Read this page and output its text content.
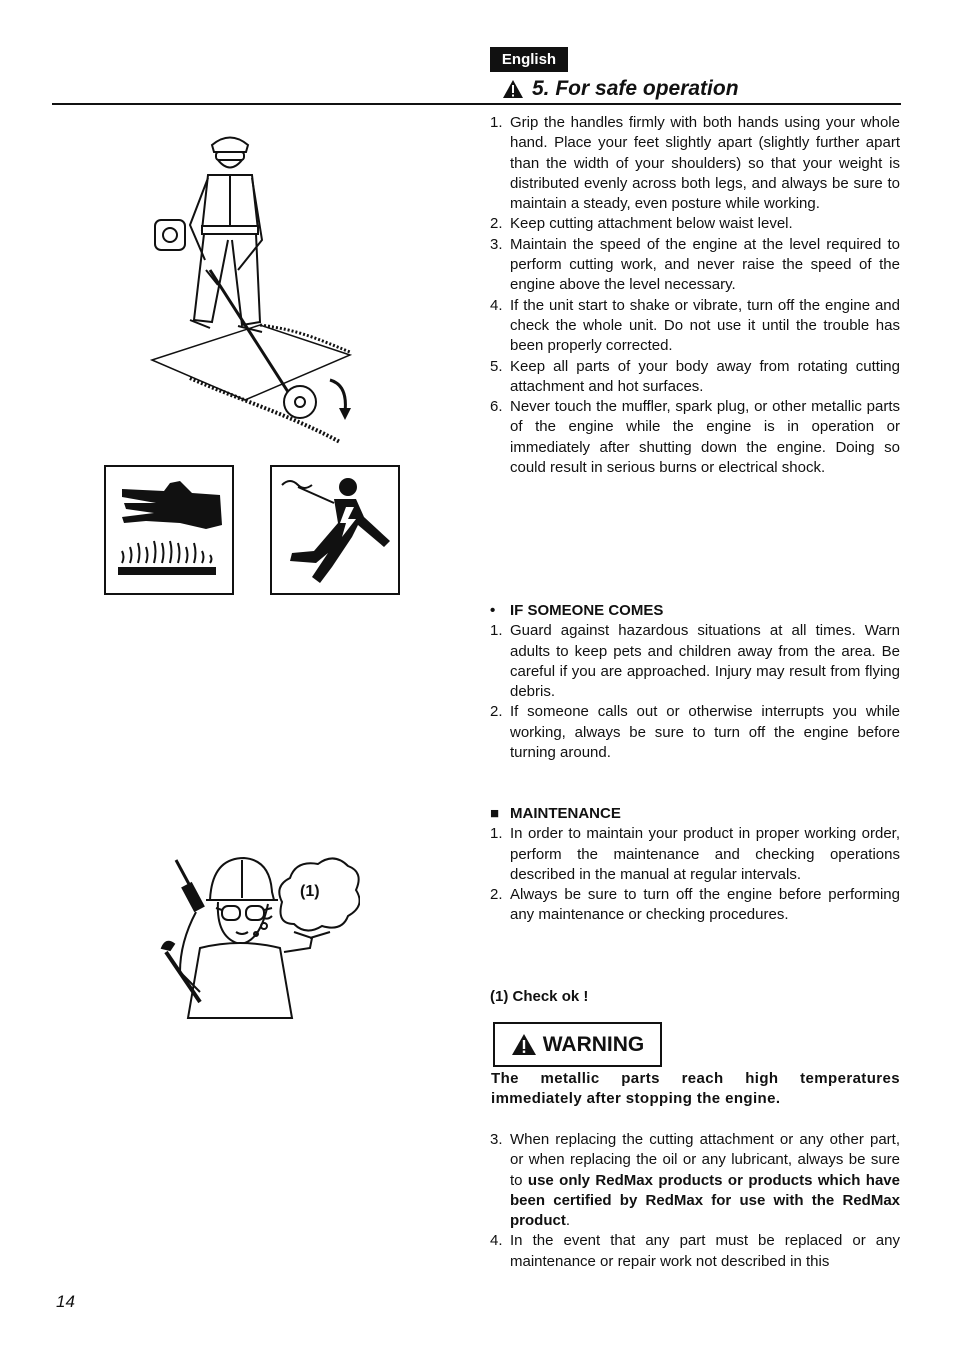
English
5. For safe operation
1. Grip the handles firmly with both hands using your whole hand. Place your feet slightly apart (slightly further apart than the width of your shoulders) so that your weight is distributed evenly across both legs, and always be sure to maintain a steady, even posture while working.
2. Keep cutting attachment below waist level.
3. Maintain the speed of the engine at the level required to perform cutting work, and never raise the speed of the engine above the level necessary.
4. If the unit start to shake or vibrate, turn off the engine and check the whole unit. Do not use it until the trouble has been properly corrected.
5. Keep all parts of your body away from rotating cutting attachment and hot surfaces.
6. Never touch the muffler, spark plug, or other metallic parts of the engine while the engine is in operation or immediately after shutting down the engine. Doing so could result in serious burns or electrical shock.
• IF SOMEONE COMES
1. Guard against hazardous situations at all times. Warn adults to keep pets and children away from the area. Be careful if you are approached. Injury may result from flying debris.
2. If someone calls out or otherwise interrupts you while working, always be sure to turn off the engine before turning around.
■ MAINTENANCE
1. In order to maintain your product in proper working order, perform the maintenance and checking operations described in the manual at regular intervals.
2. Always be sure to turn off the engine before performing any maintenance or checking procedures.
(1) Check ok !
WARNING
The metallic parts reach high temperatures immediately after stopping the engine.
3. When replacing the cutting attachment or any other part, or when replacing the oil or any lubricant, always be sure to use only RedMax products or products which have been certified by RedMax for use with the RedMax product.
4. In the event that any part must be replaced or any maintenance or repair work not described in this
(1)
14
